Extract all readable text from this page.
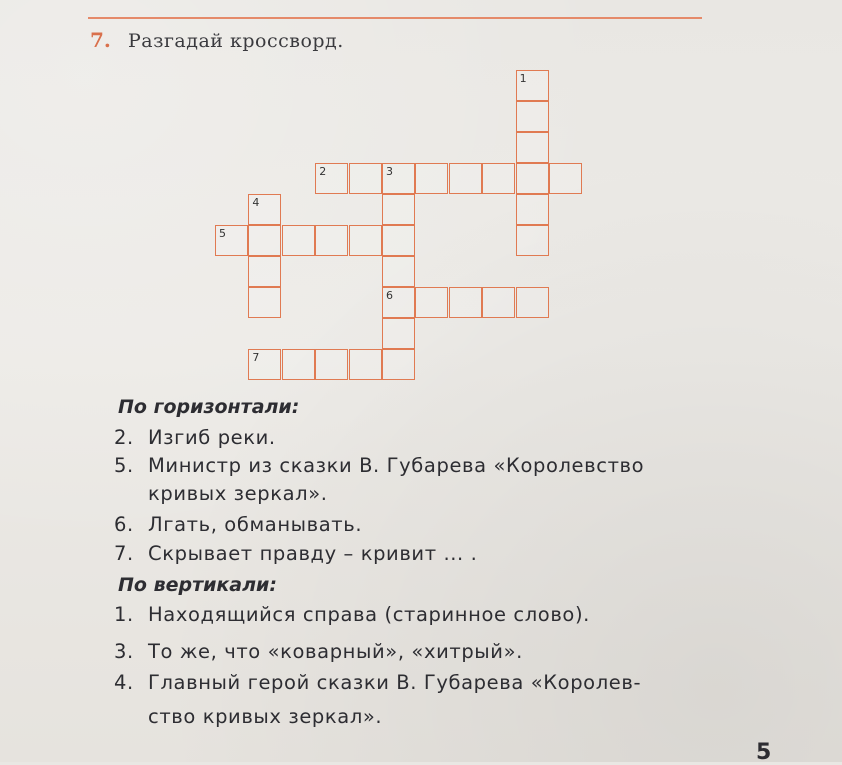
7. Разгадай кроссворд.
1
2	3
4
5
6
7
По горизонтали:
2. Изгиб реки.
5. Министр из сказки В. Губарева «Королевство
кривых зеркал».
6. Лгать, обманывать.
7. Скрывает правду – кривит ... .
По вертикали:
1. Находящийся справа (старинное слово).
3. То же, что «коварный», «хитрый».
4. Главный герой сказки В. Губарева «Королев-
ство кривых зеркал».
5
